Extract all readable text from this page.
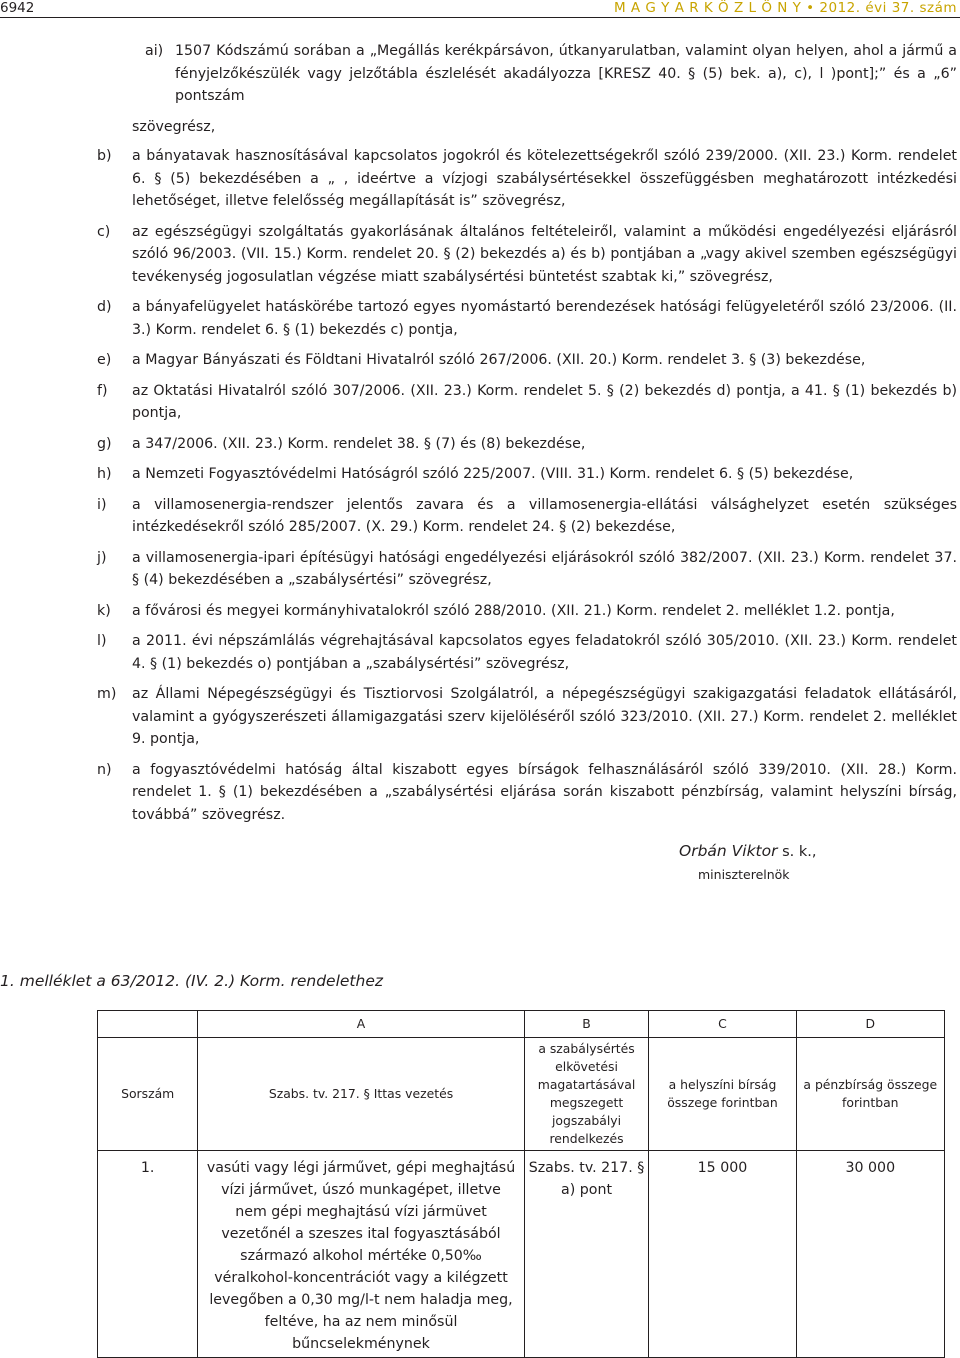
6942	M A G Y A R K Ö Z L Ö N Y • 2012. évi 37. szám
ai) 1507 Kódszámú sorában a „Megállás kerékpársávon, útkanyarulatban, valamint olyan helyen, ahol a jármű a fényjelzőkészülék vagy jelzőtábla észlelését akadályozza [KRESZ 40. § (5) bek. a), c), l )pont];” és a „6” pontszám
szövegrész,
b) a bányatavak hasznosításával kapcsolatos jogokról és kötelezettségekről szóló 239/2000. (XII. 23.) Korm. rendelet 6. § (5) bekezdésében a „ , ideértve a vízjogi szabálysértésekkel összefüggésben meghatározott intézkedési lehetőséget, illetve felelősség megállapítását is” szövegrész,
c) az egészségügyi szolgáltatás gyakorlásának általános feltételeiről, valamint a működési engedélyezési eljárásról szóló 96/2003. (VII. 15.) Korm. rendelet 20. § (2) bekezdés a) és b) pontjában a „vagy akivel szemben egészségügyi tevékenység jogosulatlan végzése miatt szabálysértési büntetést szabtak ki,” szövegrész,
d) a bányafelügyelet hatáskörébe tartozó egyes nyomástartó berendezések hatósági felügyeletéről szóló 23/2006. (II. 3.) Korm. rendelet 6. § (1) bekezdés c) pontja,
e) a Magyar Bányászati és Földtani Hivatalról szóló 267/2006. (XII. 20.) Korm. rendelet 3. § (3) bekezdése,
f) az Oktatási Hivatalról szóló 307/2006. (XII. 23.) Korm. rendelet 5. § (2) bekezdés d) pontja, a 41. § (1) bekezdés b) pontja,
g) a 347/2006. (XII. 23.) Korm. rendelet 38. § (7) és (8) bekezdése,
h) a Nemzeti Fogyasztóvédelmi Hatóságról szóló 225/2007. (VIII. 31.) Korm. rendelet 6. § (5) bekezdése,
i) a villamosenergia-rendszer jelentős zavara és a villamosenergia-ellátási válsághelyzet esetén szükséges intézkedésekről szóló 285/2007. (X. 29.) Korm. rendelet 24. § (2) bekezdése,
j) a villamosenergia-ipari építésügyi hatósági engedélyezési eljárásokról szóló 382/2007. (XII. 23.) Korm. rendelet 37. § (4) bekezdésében a „szabálysértési” szövegrész,
k) a fővárosi és megyei kormányhivatalokról szóló 288/2010. (XII. 21.) Korm. rendelet 2. melléklet 1.2. pontja,
l) a 2011. évi népszámlálás végrehajtásával kapcsolatos egyes feladatokról szóló 305/2010. (XII. 23.) Korm. rendelet 4. § (1) bekezdés o) pontjában a „szabálysértési” szövegrész,
m) az Állami Népegészségügyi és Tisztiorvosi Szolgálatról, a népegészségügyi szakigazgatási feladatok ellátásáról, valamint a gyógyszerészeti államigazgatási szerv kijelöléséről szóló 323/2010. (XII. 27.) Korm. rendelet 2. melléklet 9. pontja,
n) a fogyasztóvédelmi hatóság által kiszabott egyes bírságok felhasználásáról szóló 339/2010. (XII. 28.) Korm. rendelet 1. § (1) bekezdésében a „szabálysértési eljárása során kiszabott pénzbírság, valamint helyszíni bírság, továbbá” szövegrész.
Orbán Viktor s. k.,
miniszterelnök
1. melléklet a 63/2012. (IV. 2.) Korm. rendelethez
	A	B	C	D
Sorszám	Szabs. tv. 217. § Ittas vezetés	a szabálysértés elkövetési magatartásával megszegett jogszabályi rendelkezés	a helyszíni bírság összege forintban	a pénzbírság összege forintban
1.	vasúti vagy légi járművet, gépi meghajtású vízi járművet, úszó munkagépet, illetve nem gépi meghajtású vízi jármüvet vezetőnél a szeszes ital fogyasztásából származó alkohol mértéke 0,50‰ véralkohol-koncentrációt vagy a kilégzett levegőben a 0,30 mg/l-t nem haladja meg, feltéve, ha az nem minősül bűncselekménynek	Szabs. tv. 217. § a) pont	15 000	30 000
